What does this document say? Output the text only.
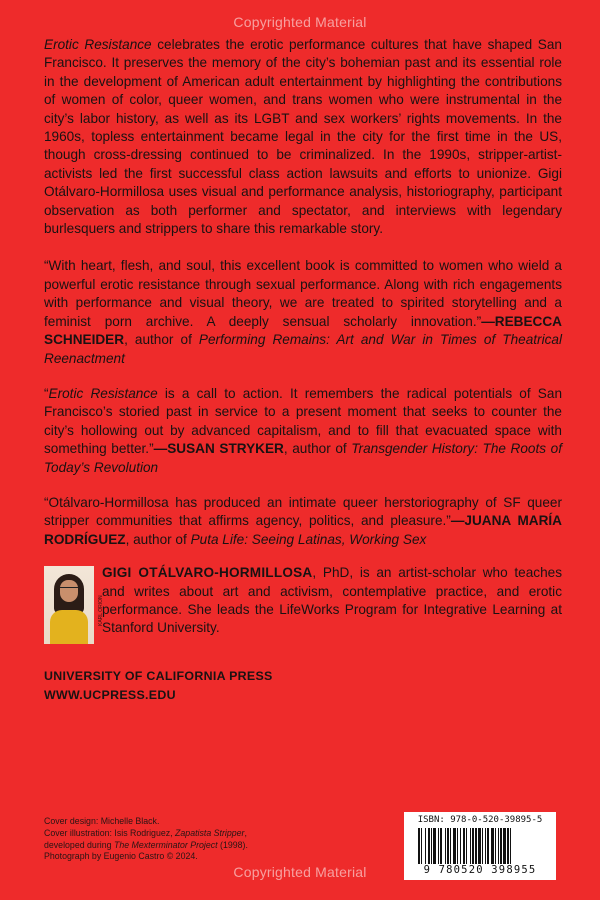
Copyrighted Material

Erotic Resistance celebrates the erotic performance cultures that have shaped San Francisco. It preserves the memory of the city’s bohemian past and its essential role in the development of American adult entertainment by highlighting the contributions of women of color, queer women, and trans women who were instrumental in the city’s labor history, as well as its LGBT and sex workers’ rights movements. In the 1960s, topless entertainment became legal in the city for the first time in the US, though cross-dressing continued to be criminalized. In the 1990s, stripper-artist-activists led the first successful class action lawsuits and efforts to unionize. Gigi Otálvaro-Hormillosa uses visual and performance analysis, historiography, participant observation as both performer and spectator, and interviews with legendary burlesquers and strippers to share this remarkable story.

“With heart, flesh, and soul, this excellent book is committed to women who wield a powerful erotic resistance through sexual performance. Along with rich engagements with performance and visual theory, we are treated to spirited storytelling and a feminist porn archive. A deeply sensual scholarly innovation.”—REBECCA SCHNEIDER, author of Performing Remains: Art and War in Times of Theatrical Reenactment

“Erotic Resistance is a call to action. It remembers the radical potentials of San Francisco’s storied past in service to a present moment that seeks to counter the city’s hollowing out by advanced capitalism, and to fill that evacuated space with something better.”—SUSAN STRYKER, author of Transgender History: The Roots of Today’s Revolution

“Otálvaro-Hormillosa has produced an intimate queer herstoriography of SF queer stripper communities that affirms agency, politics, and pleasure.”—JUANA MARÍA RODRÍGUEZ, author of Puta Life: Seeing Latinas, Working Sex

KARL ORION

GIGI OTÁLVARO-HORMILLOSA, PhD, is an artist-scholar who teaches and writes about art and activism, contemplative practice, and erotic performance. She leads the LifeWorks Program for Integrative Learning at Stanford University.

UNIVERSITY OF CALIFORNIA PRESS
WWW.UCPRESS.EDU
Cover design: Michelle Black.
Cover illustration: Isis Rodriguez, Zapatista Stripper,
developed during The Mexterminator Project (1998).
Photograph by Eugenio Castro © 2024.
ISBN: 978-0-520-39895-5
9 780520 398955
Copyrighted Material
